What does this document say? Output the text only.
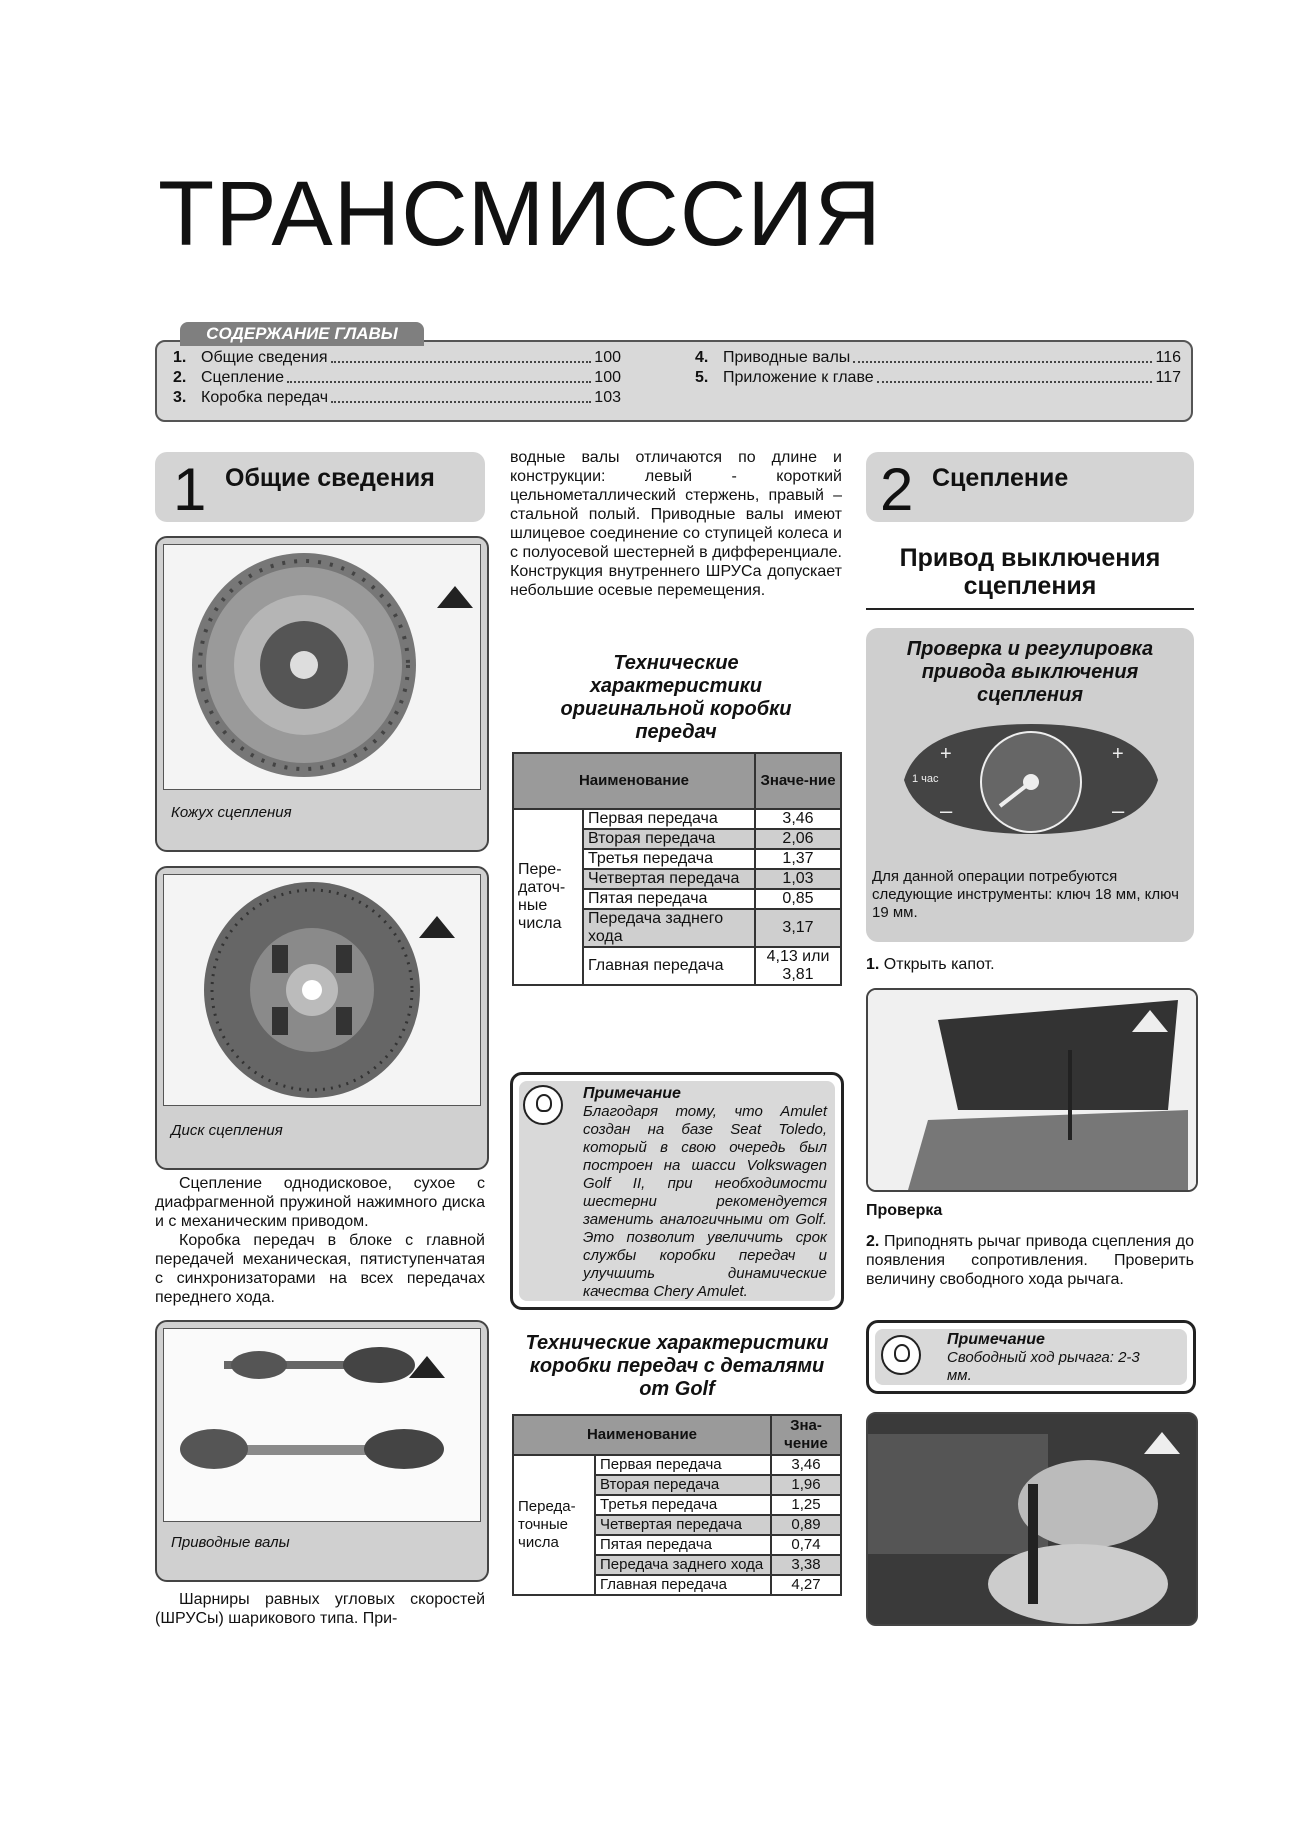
ТРАНСМИССИЯ
1. Общие сведения	100
2. Сцепление	100
3. Коробка передач	103
4. Приводные валы	116
5. Приложение к главе	117
СОДЕРЖАНИЕ ГЛАВЫ
1 Общие сведения
Кожух сцепления
Диск сцепления
Сцепление однодисковое, сухое с диафрагменной пружиной нажимного диска и с механическим приводом.
Коробка передач в блоке с главной передачей механическая, пятиступенчатая с синхронизаторами на всех передачах переднего хода.
Приводные валы
Шарниры равных угловых скоростей (ШРУСы) шарикового типа. При-
водные валы отличаются по длине и конструкции: левый - короткий цельнометаллический стержень, правый – стальной полый. Приводные валы имеют шлицевое соединение со ступицей колеса и с полуосевой шестерней в дифференциале. Конструкция внутреннего ШРУСа допускает небольшие осевые перемещения.
Технические характеристики оригинальной коробки передач
Наименование		Значе-ние
Пере-даточ-ные числа	Первая передача	3,46
	Вторая передача	2,06
	Третья передача	1,37
	Четвертая передача	1,03
	Пятая передача	0,85
	Передача заднего хода	3,17
	Главная передача	4,13 или 3,81
Примечание
Благодаря тому, что Amulet создан на базе Seat Toledo, который в свою очередь был построен на шасси Volkswagen Golf II, при необходимости шестерни рекомендуется заменить аналогичными от Golf. Это позволит увеличить срок службы коробки передач и улучшить динамические качества Chery Amulet.
Технические характеристики коробки передач с деталями от Golf
Наименование		Зна-чение
Переда-точные числа	Первая передача	3,46
	Вторая передача	1,96
	Третья передача	1,25
	Четвертая передача	0,89
	Пятая передача	0,74
	Передача заднего хода	3,38
	Главная передача	4,27
2 Сцепление
Привод выключения сцепления
Проверка и регулировка привода выключения сцепления
+
–
+
–
1 час
Для данной операции потребуются следующие инструменты: ключ 18 мм, ключ 19 мм.
1. Открыть капот.
Проверка
2. Приподнять рычаг привода сцепления до появления сопротивления. Проверить величину свободного хода рычага.
Примечание
Свободный ход рычага: 2-3 мм.
